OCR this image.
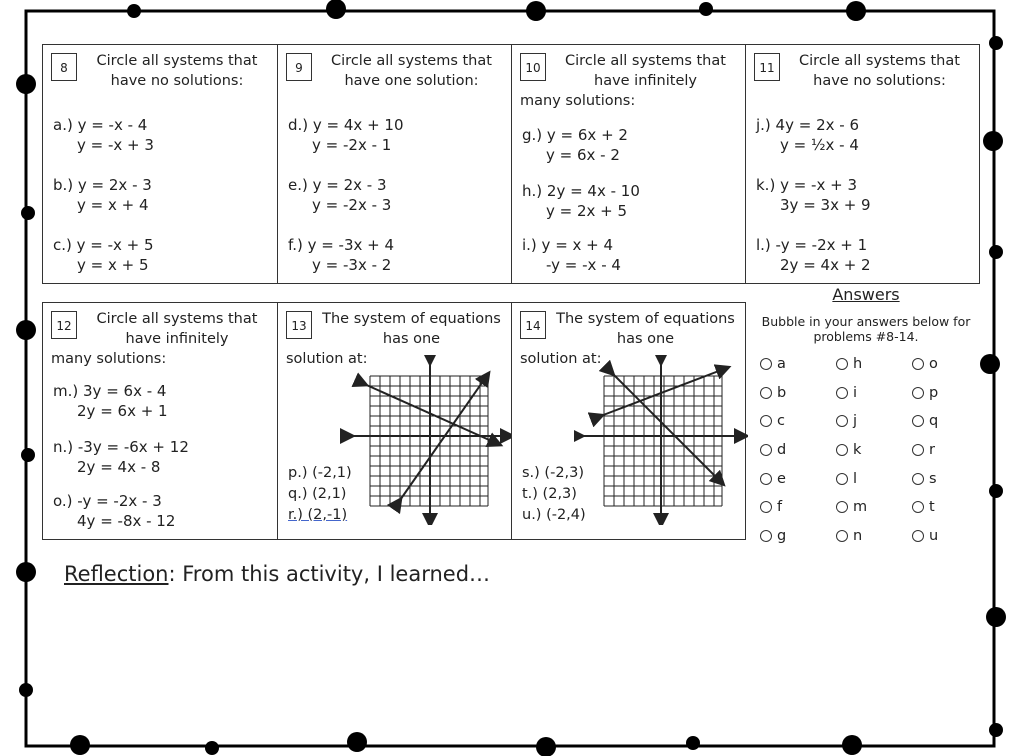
8	Circle all systems that have no solutions:
a.) y = -x - 4
y = -x + 3
b.) y = 2x - 3
y = x + 4
c.) y = -x + 5
y = x + 5
9	Circle all systems that have one solution:
d.) y = 4x + 10
y = -2x - 1
e.) y = 2x - 3
y = -2x - 3
f.) y = -3x + 4
y = -3x - 2
10	Circle all systems that have infinitely
many solutions:
g.) y = 6x + 2
y = 6x - 2
h.) 2y = 4x - 10
y = 2x + 5
i.) y = x + 4
-y = -x - 4
11	Circle all systems that have no solutions:
j.) 4y = 2x - 6
y = ½x - 4
k.) y = -x + 3
3y = 3x + 9
l.) -y = -2x + 1
2y = 4x + 2
12	Circle all systems that have infinitely
many solutions:
m.) 3y = 6x - 4
2y = 6x + 1
n.) -3y = -6x + 12
2y = 4x - 8
o.) -y = -2x - 3
4y = -8x - 12
13	The system of equations has one
solution at:
p.) (-2,1)
q.) (2,1)
r.) (2,-1)
14	The system of equations has one
solution at:
s.) (-2,3)
t.) (2,3)
u.) (-2,4)
Answers
Bubble in your answers below for problems #8-14.
a
b
c
d
e
f
g
h
i
j
k
l
m
n
o
p
q
r
s
t
u
Reflection: From this activity, I learned…
